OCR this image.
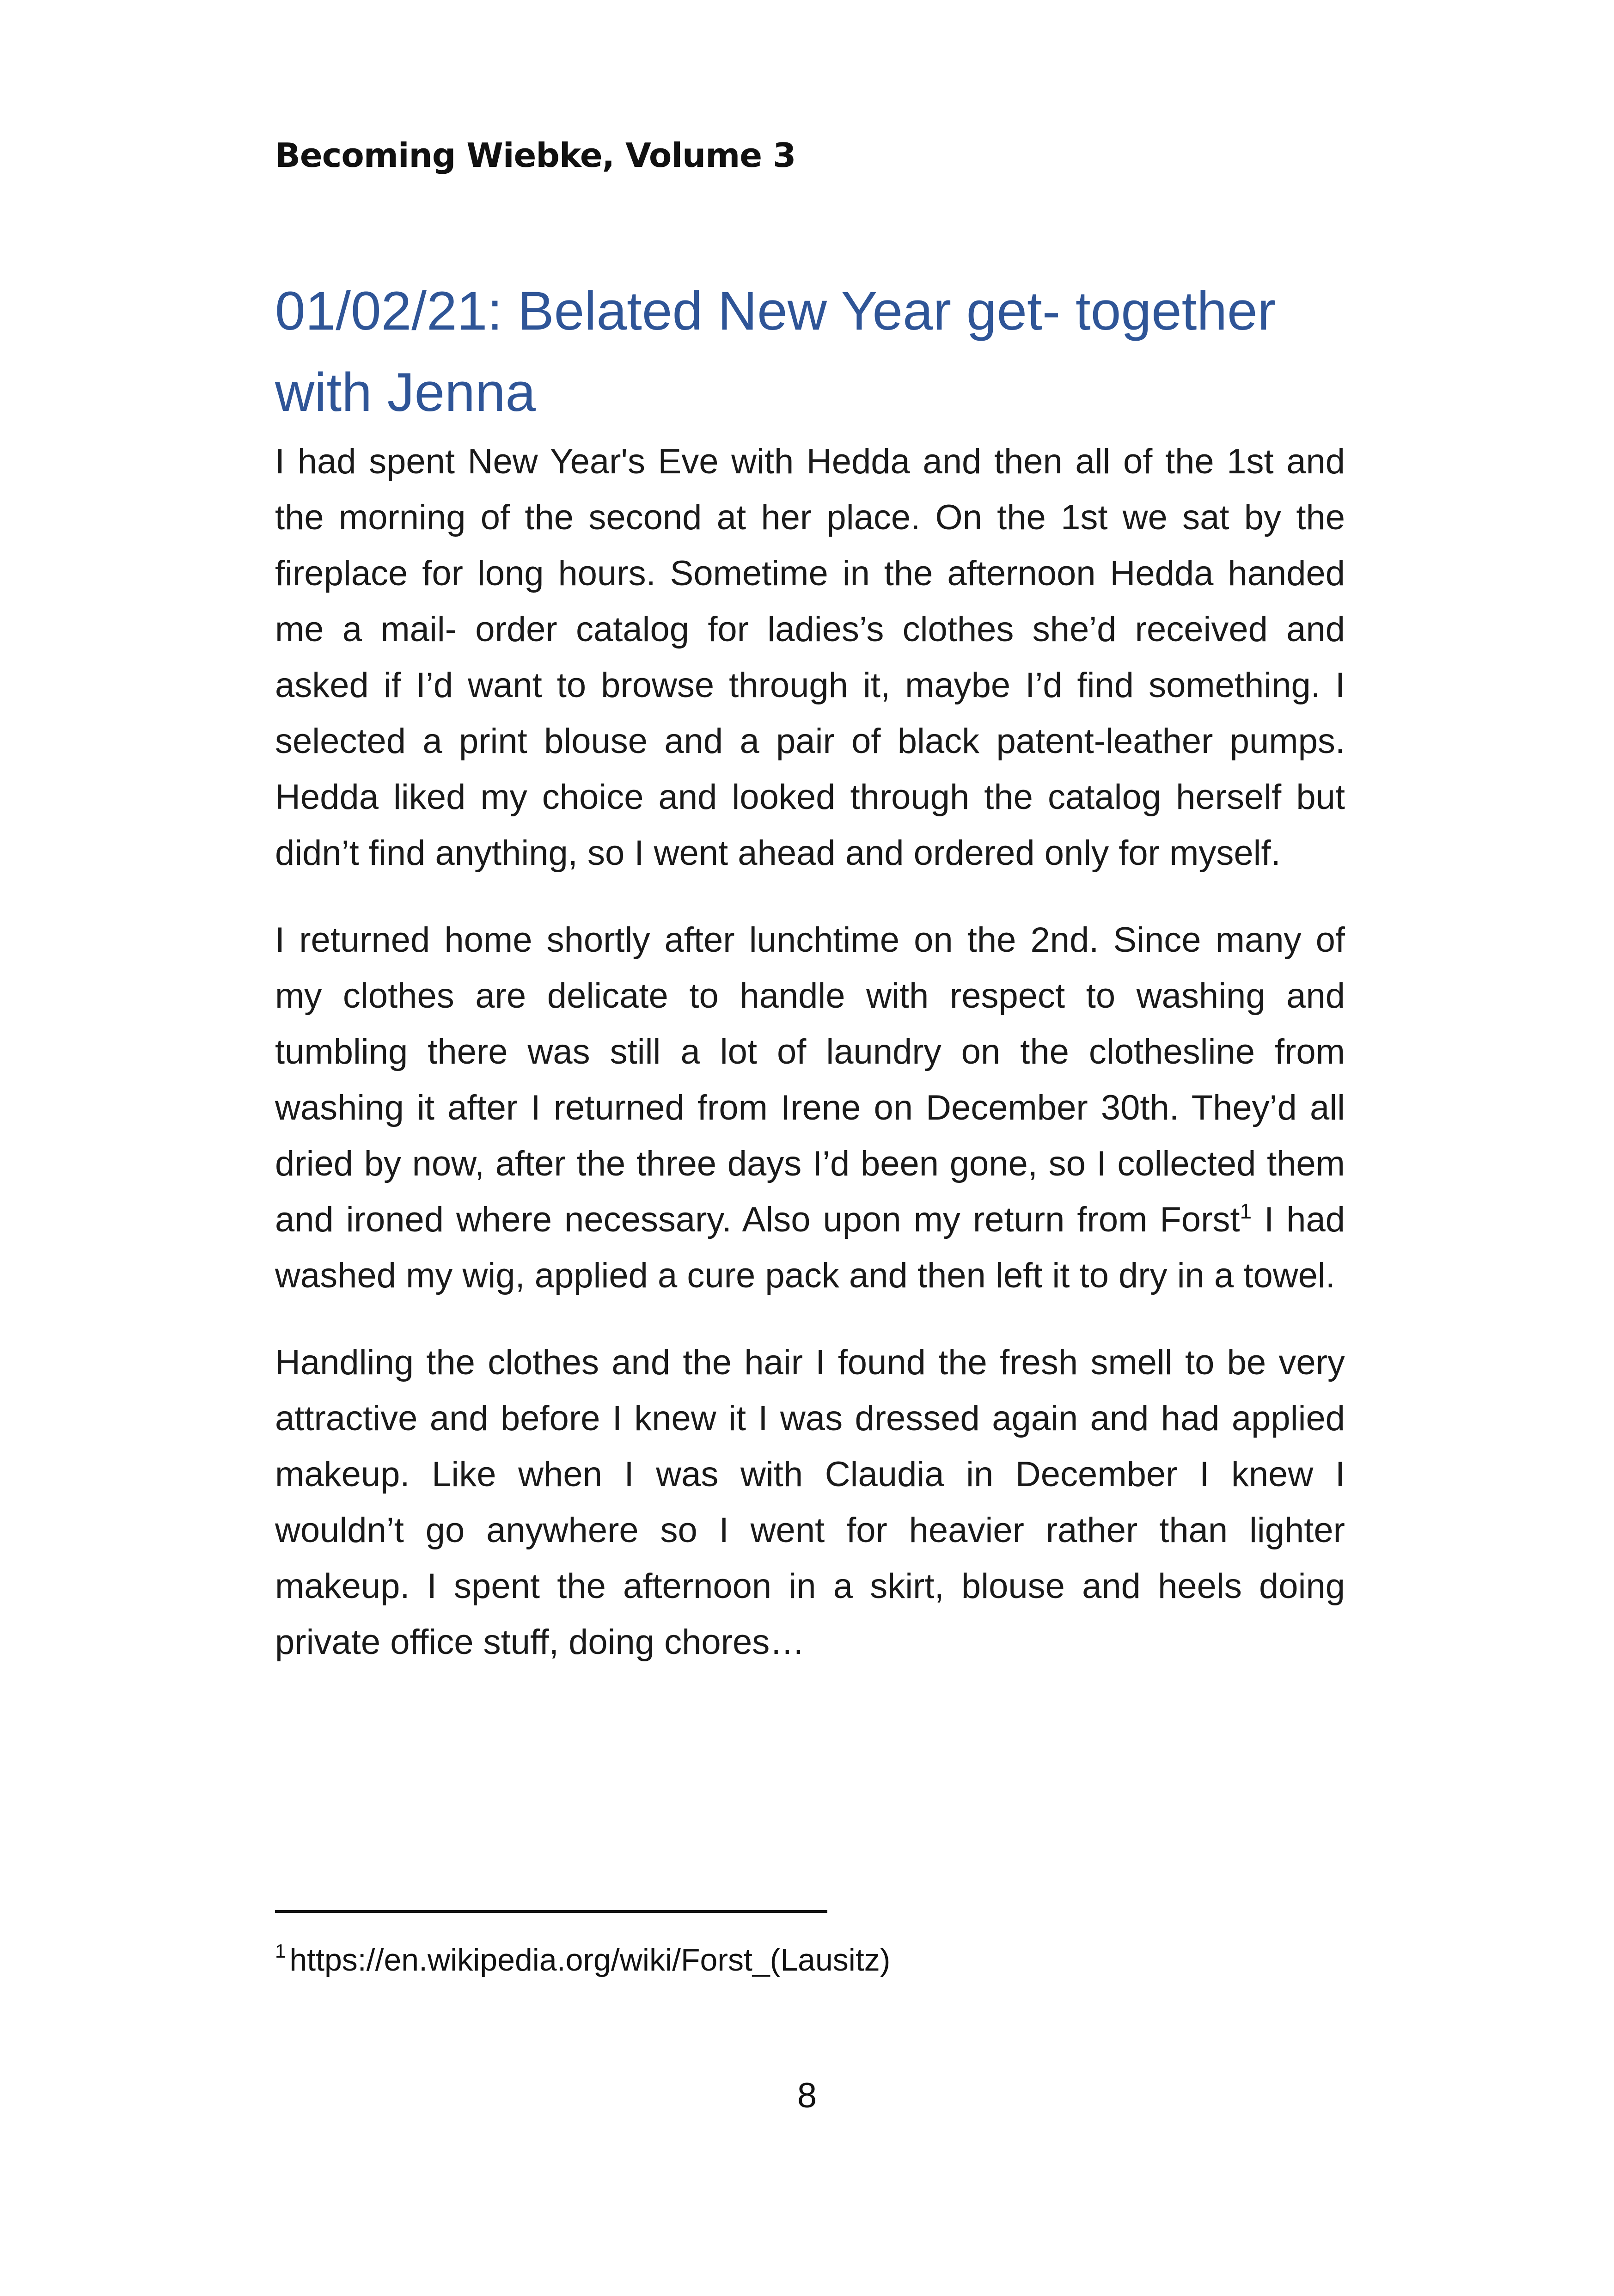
Becoming Wiebke, Volume 3
01/02/21: Belated New Year get- together with Jenna

I had spent New Year's Eve with Hedda and then all of the 1st and the morning of the second at her place. On the 1st we sat by the fireplace for long hours. Sometime in the afternoon Hedda handed me a mail- order catalog for ladies’s clothes she’d received and asked if I’d want to browse through it, maybe I’d find something. I selected a print blouse and a pair of black patent-leather pumps. Hedda liked my choice and looked through the catalog herself but didn’t find anything, so I went ahead and ordered only for myself.

I returned home shortly after lunchtime on the 2nd. Since many of my clothes are delicate to handle with respect to washing and tumbling there was still a lot of laundry on the clothesline from washing it after I returned from Irene on December 30th. They’d all dried by now, after the three days I’d been gone, so I collected them and ironed where necessary. Also upon my return from Forst$^1$ I had washed my wig, applied a cure pack and then left it to dry in a towel.

Handling the clothes and the hair I found the fresh smell to be very attractive and before I knew it I was dressed again and had applied makeup. Like when I was with Claudia in December I knew I wouldn’t go anywhere so I went for heavier rather than lighter makeup. I spent the afternoon in a skirt, blouse and heels doing private office stuff, doing chores…

$^1$ https://en.wikipedia.org/wiki/Forst_(Lausitz)
8
